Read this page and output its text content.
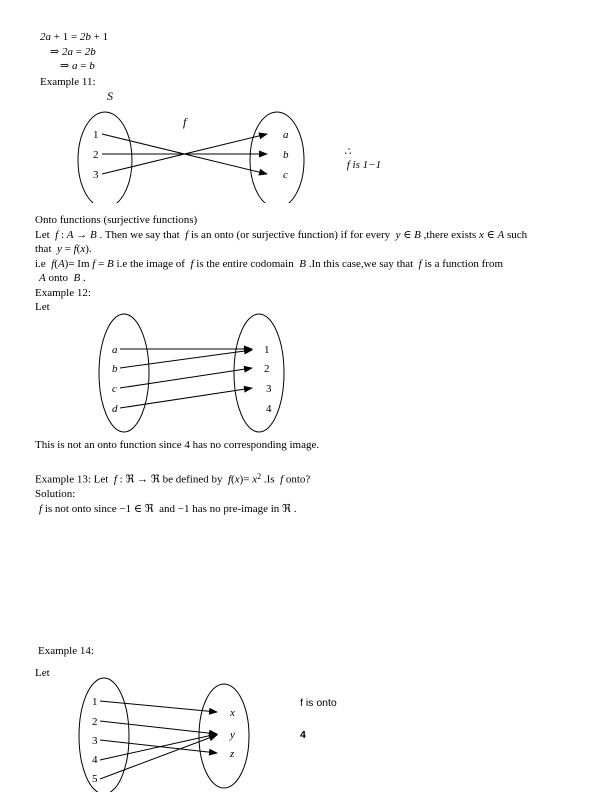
2a + 1 = 2b + 1

⇒ 2a = 2b

⇒ a = b

Example 11:
S
f
1
2
3
a
b
c

∴
f is 1−1

Onto functions (surjective functions)

Let  f : A → B . Then we say that  f is an onto (or surjective function) if for every  y ∈ B ,there exists x ∈ A such

that  y = f(x).

i.e  f(A)= Im f = B i.e the image of  f is the entire codomain  B .In this case,we say that  f is a function from

A onto  B .

Example 12:

Let

a
b
c
d
1
2
3
4
This is not an onto function since 4 has no corresponding image.

Example 13: Let  f : ℜ → ℜ be defined by  $f(x)= x^2$ .Is  f onto?

Solution:

f is not onto since −1 ∈ ℜ  and −1 has no pre-image in ℜ .

Example 14:
Let
1
2
3
4
5
x
y
z
f is onto
4
